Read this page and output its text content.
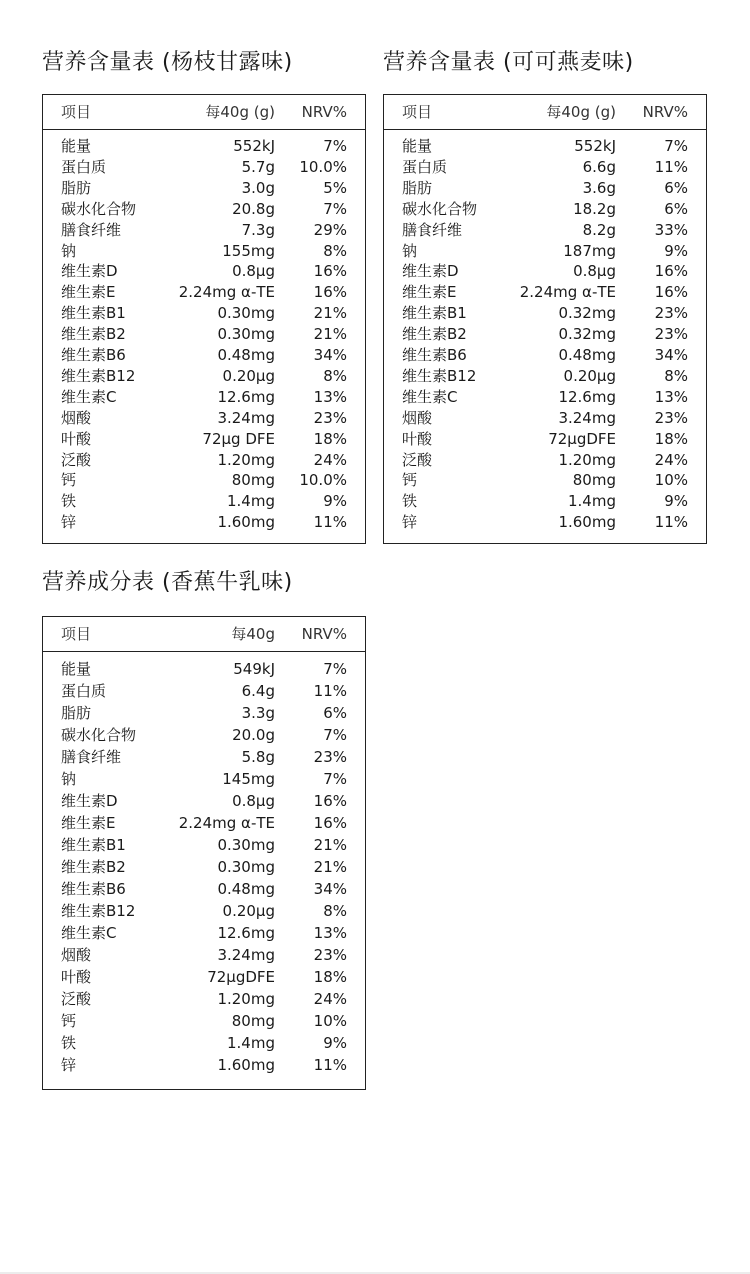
营养含量表 (杨枝甘露味)
项目	每40g (g) NRV%
能量	552kJ	7%
蛋白质	5.7g 10.0%
脂肪	3.0g	5%
碳水化合物	20.8g	7%
膳食纤维	7.3g	29%
钠	155mg	8%
维生素D	0.8μg	16%
维生素E	2.24mg α-TE	16%
维生素B1	0.30mg	21%
维生素B2	0.30mg	21%
维生素B6	0.48mg	34%
维生素B12	0.20μg	8%
维生素C	12.6mg	13%
烟酸	3.24mg	23%
叶酸	72μg DFE	18%
泛酸	1.20mg	24%
钙	80mg 10.0%
铁	1.4mg	9%
锌	1.60mg	11%
营养含量表 (可可燕麦味)
项目	每40g (g) NRV%
能量	552kJ	7%
蛋白质	6.6g	11%
脂肪	3.6g	6%
碳水化合物	18.2g	6%
膳食纤维	8.2g	33%
钠	187mg	9%
维生素D	0.8μg	16%
维生素E	2.24mg α-TE	16%
维生素B1	0.32mg	23%
维生素B2	0.32mg	23%
维生素B6	0.48mg	34%
维生素B12	0.20μg	8%
维生素C	12.6mg	13%
烟酸	3.24mg	23%
叶酸	72μgDFE	18%
泛酸	1.20mg	24%
钙	80mg	10%
铁	1.4mg	9%
锌	1.60mg	11%
营养成分表 (香蕉牛乳味)
项目	每40g NRV%
能量	549kJ	7%
蛋白质	6.4g	11%
脂肪	3.3g	6%
碳水化合物	20.0g	7%
膳食纤维	5.8g	23%
钠	145mg	7%
维生素D	0.8μg	16%
维生素E	2.24mg α-TE	16%
维生素B1	0.30mg	21%
维生素B2	0.30mg	21%
维生素B6	0.48mg	34%
维生素B12	0.20μg	8%
维生素C	12.6mg	13%
烟酸	3.24mg	23%
叶酸	72μgDFE	18%
泛酸	1.20mg	24%
钙	80mg	10%
铁	1.4mg	9%
锌	1.60mg	11%
